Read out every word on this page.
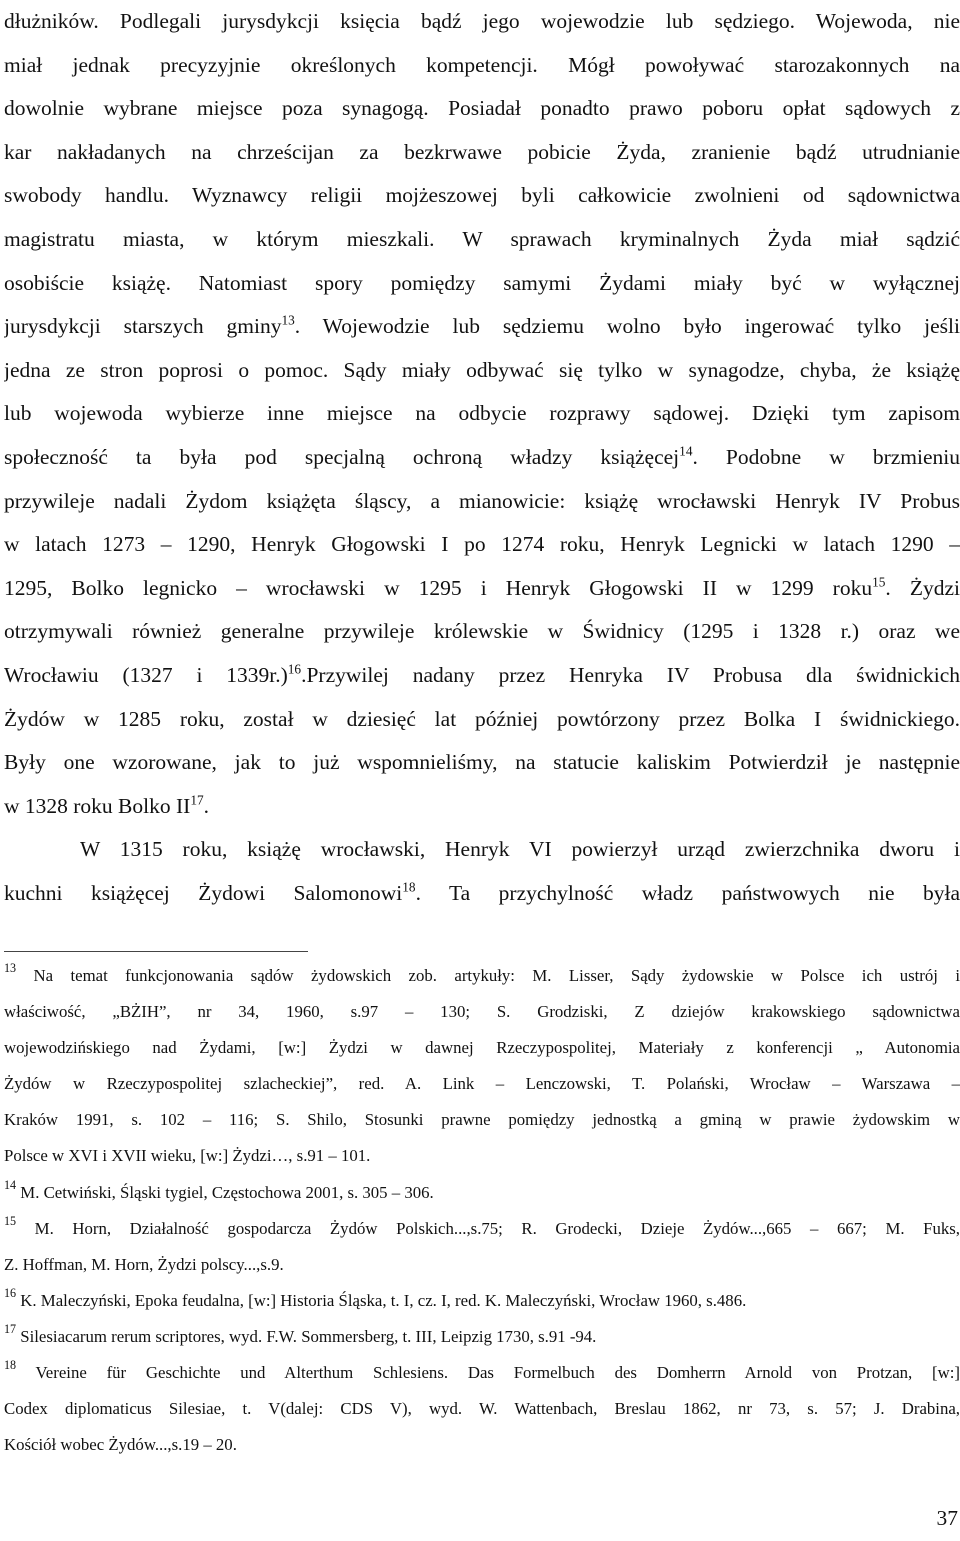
dłużników. Podlegali jurysdykcji księcia bądź jego wojewodzie lub sędziego. Wojewoda, nie
miał jednak precyzyjnie określonych kompetencji. Mógł powoływać starozakonnych na
dowolnie wybrane miejsce poza synagogą. Posiadał ponadto prawo poboru opłat sądowych z
kar nakładanych na chrześcijan za bezkrwawe pobicie Żyda, zranienie bądź utrudnianie
swobody handlu. Wyznawcy religii mojżeszowej byli całkowicie zwolnieni od sądownictwa
magistratu miasta, w którym mieszkali. W sprawach kryminalnych Żyda miał sądzić
osobiście książę. Natomiast spory pomiędzy samymi Żydami miały być w wyłącznej
jurysdykcji starszych gminy$^{13}$. Wojewodzie lub sędziemu wolno było ingerować tylko jeśli
jedna ze stron poprosi o pomoc. Sądy miały odbywać się tylko w synagodze, chyba, że książę
lub wojewoda wybierze inne miejsce na odbycie rozprawy sądowej. Dzięki tym zapisom
społeczność ta była pod specjalną ochroną władzy książęcej$^{14}$. Podobne w brzmieniu
przywileje nadali Żydom książęta śląscy, a mianowicie: książę wrocławski Henryk IV Probus
w latach 1273 – 1290, Henryk Głogowski I po 1274 roku, Henryk Legnicki w latach 1290 –
1295, Bolko legnicko – wrocławski w 1295 i Henryk Głogowski II w 1299 roku$^{15}$. Żydzi
otrzymywali również generalne przywileje królewskie w Świdnicy (1295 i 1328 r.) oraz we
Wrocławiu (1327 i 1339r.)$^{16}$.Przywilej nadany przez Henryka IV Probusa dla świdnickich
Żydów w 1285 roku, został w dziesięć lat później powtórzony przez Bolka I świdnickiego.
Były one wzorowane, jak to już wspomnieliśmy, na statucie kaliskim Potwierdził je następnie
w 1328 roku Bolko II$^{17}$.
W 1315 roku, książę wrocławski, Henryk VI powierzył urząd zwierzchnika dworu i
kuchni książęcej Żydowi Salomonowi$^{18}$. Ta przychylność władz państwowych nie była
$^{13}$ Na temat funkcjonowania sądów żydowskich zob. artykuły: M. Lisser, Sądy żydowskie w Polsce ich ustrój i
właściwość, „BŻIH”, nr 34, 1960, s.97 – 130; S. Grodziski, Z dziejów krakowskiego sądownictwa
wojewodzińskiego nad Żydami, [w:] Żydzi w dawnej Rzeczypospolitej, Materiały z konferencji „ Autonomia
Żydów w Rzeczypospolitej szlacheckiej”, red. A. Link – Lenczowski, T. Polański, Wrocław – Warszawa –
Kraków 1991, s. 102 – 116; S. Shilo, Stosunki prawne pomiędzy jednostką a gminą w prawie żydowskim w
Polsce w XVI i XVII wieku, [w:] Żydzi…, s.91 – 101.
$^{14}$ M. Cetwiński, Śląski tygiel, Częstochowa 2001, s. 305 – 306.
$^{15}$ M. Horn, Działalność gospodarcza Żydów Polskich...,s.75; R. Grodecki, Dzieje Żydów...,665 – 667; M. Fuks,
Z. Hoffman, M. Horn, Żydzi polscy...,s.9.
$^{16}$ K. Maleczyński, Epoka feudalna, [w:] Historia Śląska, t. I, cz. I, red. K. Maleczyński, Wrocław 1960, s.486.
$^{17}$ Silesiacarum rerum scriptores, wyd. F.W. Sommersberg, t. III, Leipzig 1730, s.91 -94.
$^{18}$ Vereine für Geschichte und Alterthum Schlesiens. Das Formelbuch des Domherrn Arnold von Protzan, [w:]
Codex diplomaticus Silesiae, t. V(dalej: CDS V), wyd. W. Wattenbach, Breslau 1862, nr 73, s. 57; J. Drabina,
Kościół wobec Żydów...,s.19 – 20.
37
